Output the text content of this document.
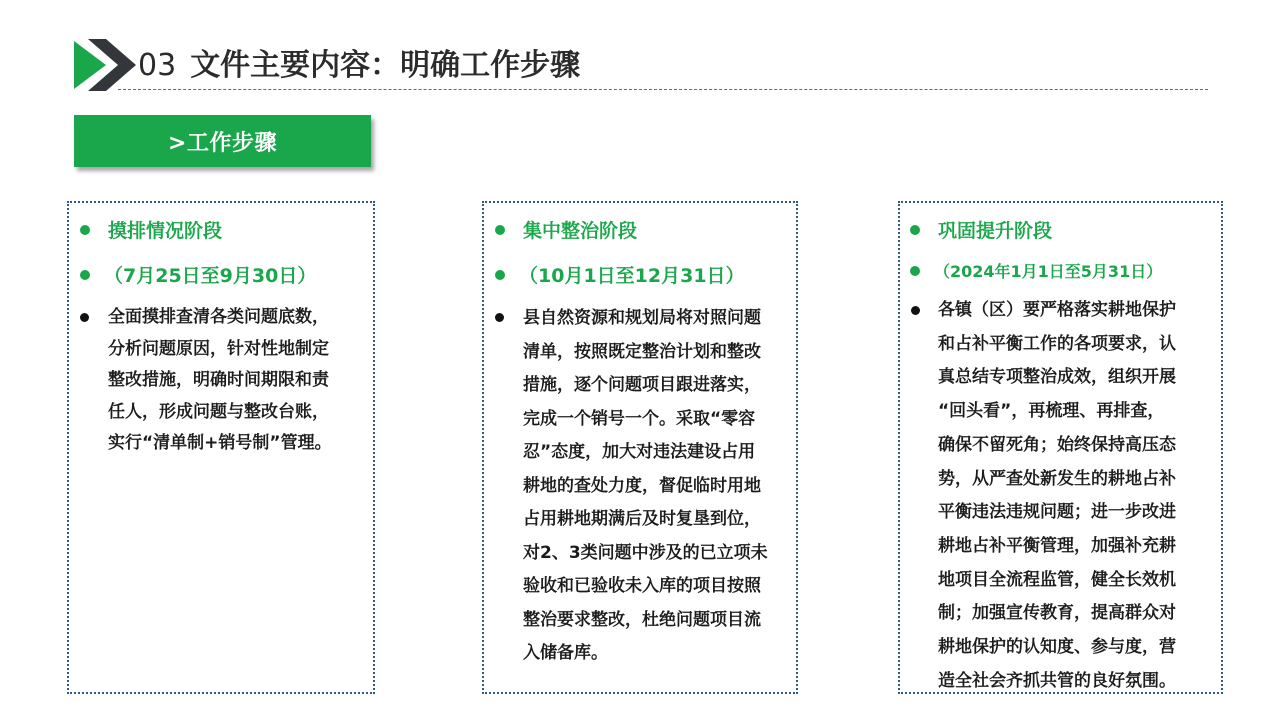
03 文件主要内容：明确工作步骤
>工作步骤
摸排情况阶段
（7月25日至9月30日）
全面摸排查清各类问题底数，
分析问题原因，针对性地制定
整改措施，明确时间期限和责
任人，形成问题与整改台账，
实行“清单制+销号制”管理。
集中整治阶段
（10月1日至12月31日）
县自然资源和规划局将对照问题
清单，按照既定整治计划和整改
措施，逐个问题项目跟进落实，
完成一个销号一个。采取“零容
忍”态度，加大对违法建设占用
耕地的查处力度，督促临时用地
占用耕地期满后及时复垦到位，
对2、3类问题中涉及的已立项未
验收和已验收未入库的项目按照
整治要求整改，杜绝问题项目流
入储备库。
巩固提升阶段
（2024年1月1日至5月31日）
各镇（区）要严格落实耕地保护
和占补平衡工作的各项要求，认
真总结专项整治成效，组织开展
“回头看”，再梳理、再排查，
确保不留死角；始终保持高压态
势，从严查处新发生的耕地占补
平衡违法违规问题；进一步改进
耕地占补平衡管理，加强补充耕
地项目全流程监管，健全长效机
制；加强宣传教育，提高群众对
耕地保护的认知度、参与度，营
造全社会齐抓共管的良好氛围。
